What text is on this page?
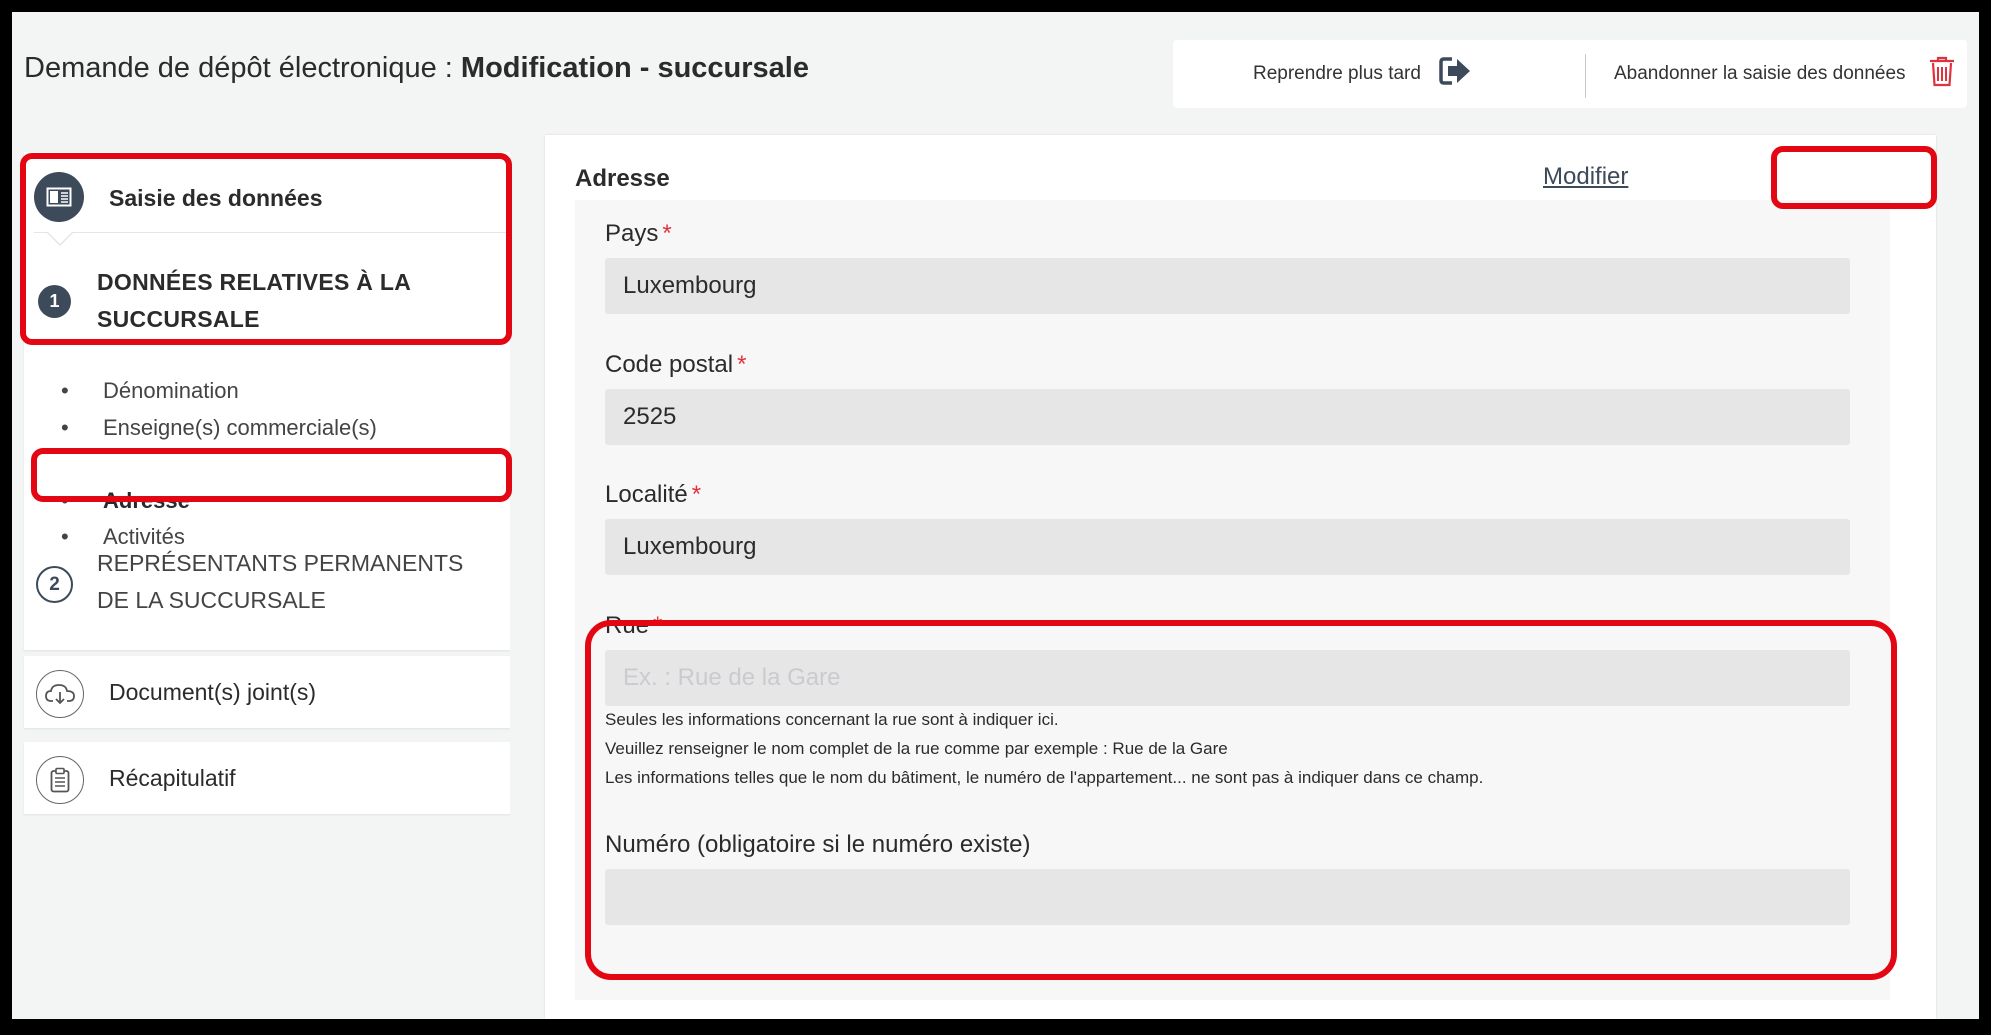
Demande de dépôt électronique : Modification - succursale	Reprendre plus tard	Abandonner la saisie des données
Saisie des données
1
DONNÉES RELATIVES À LA
SUCCURSALE
• Dénomination
• Enseigne(s) commerciale(s)
• Adresse
• Activités
2
REPRÉSENTANTS PERMANENTS
DE LA SUCCURSALE
Document(s) joint(s)
Récapitulatif
Adresse	Modifier
Pays *
Luxembourg
Code postal *
2525
Localité *
Luxembourg
Rue *
Ex. : Rue de la Gare
Seules les informations concernant la rue sont à indiquer ici.
Veuillez renseigner le nom complet de la rue comme par exemple : Rue de la Gare
Les informations telles que le nom du bâtiment, le numéro de l'appartement... ne sont pas à indiquer dans ce champ.
Numéro (obligatoire si le numéro existe)
